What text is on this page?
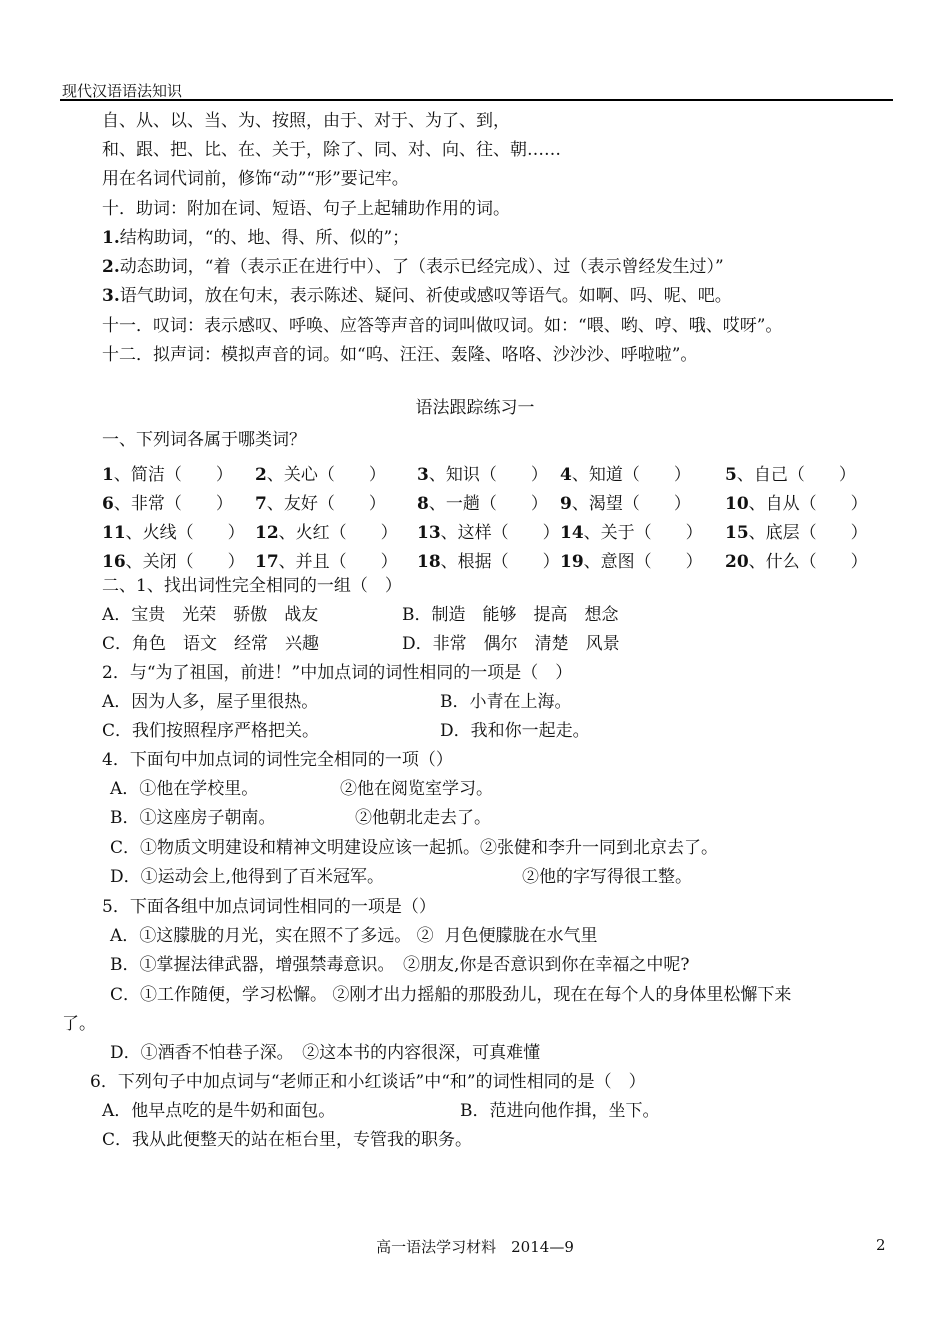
现代汉语语法知识
自、从、以、当、为、按照，由于、对于、为了、到，
和、跟、把、比、在、关于，除了、同、对、向、往、朝……
用在名词代词前，修饰“动”“形”要记牢。
十．助词：附加在词、短语、句子上起辅助作用的词。
1.结构助词，“的、地、得、所、似的”；
2.动态助词，“着（表示正在进行中）、了（表示已经完成）、过（表示曾经发生过）”
3.语气助词，放在句末，表示陈述、疑问、祈使或感叹等语气。如啊、吗、呢、吧。
十一．叹词：表示感叹、呼唤、应答等声音的词叫做叹词。如：“喂、哟、哼、哦、哎呀”。
十二．拟声词：模拟声音的词。如“呜、汪汪、轰隆、咯咯、沙沙沙、呼啦啦”。
语法跟踪练习一
一、下列词各属于哪类词？
1、简洁（　　） 2、关心（　　） 3、知识（　　） 4、知道（　　） 5、自己（　　）
6、非常（　　） 7、友好（　　） 8、一趟（　　） 9、渴望（　　） 10、自从（　　）
11、火线（　　） 12、火红（　　） 13、这样（　　） 14、关于（　　） 15、底层（　　）
16、关闭（　　） 17、并且（　　） 18、根据（　　） 19、意图（　　） 20、什么（　　）
二、1、找出词性完全相同的一组（　）
A．宝贵　光荣　骄傲　战友	B．制造　能够　提高　想念
C．角色　语文　经常　兴趣	D．非常　偶尔　清楚　风景
2．与“为了祖国，前进！”中加点词的词性相同的一项是（　）
A．因为人多，屋子里很热。	B．小青在上海。
C．我们按照程序严格把关。	D．我和你一起走。
4．下面句中加点词的词性完全相同的一项（）
A．①他在学校里。	②他在阅览室学习。
B．①这座房子朝南。	②他朝北走去了。
C．①物质文明建设和精神文明建设应该一起抓。②张健和李升一同到北京去了。
D．①运动会上,他得到了百米冠军。	②他的字写得很工整。
5．下面各组中加点词词性相同的一项是（）
A．①这朦胧的月光，实在照不了多远。 ②  月色便朦胧在水气里
B．①掌握法律武器，增强禁毒意识。　②朋友,你是否意识到你在幸福之中呢?
C．①工作随便，学习松懈。 ②刚才出力摇船的那股劲儿，现在在每个人的身体里松懈下来
了。
D．①酒香不怕巷子深。　②这本书的内容很深，可真难懂
6．下列句子中加点词与“老师正和小红谈话”中“和”的词性相同的是（　）
A．他早点吃的是牛奶和面包。	B．范进向他作揖，坐下。
C．我从此便整天的站在柜台里，专管我的职务。
高一语法学习材料　2014—9	2
